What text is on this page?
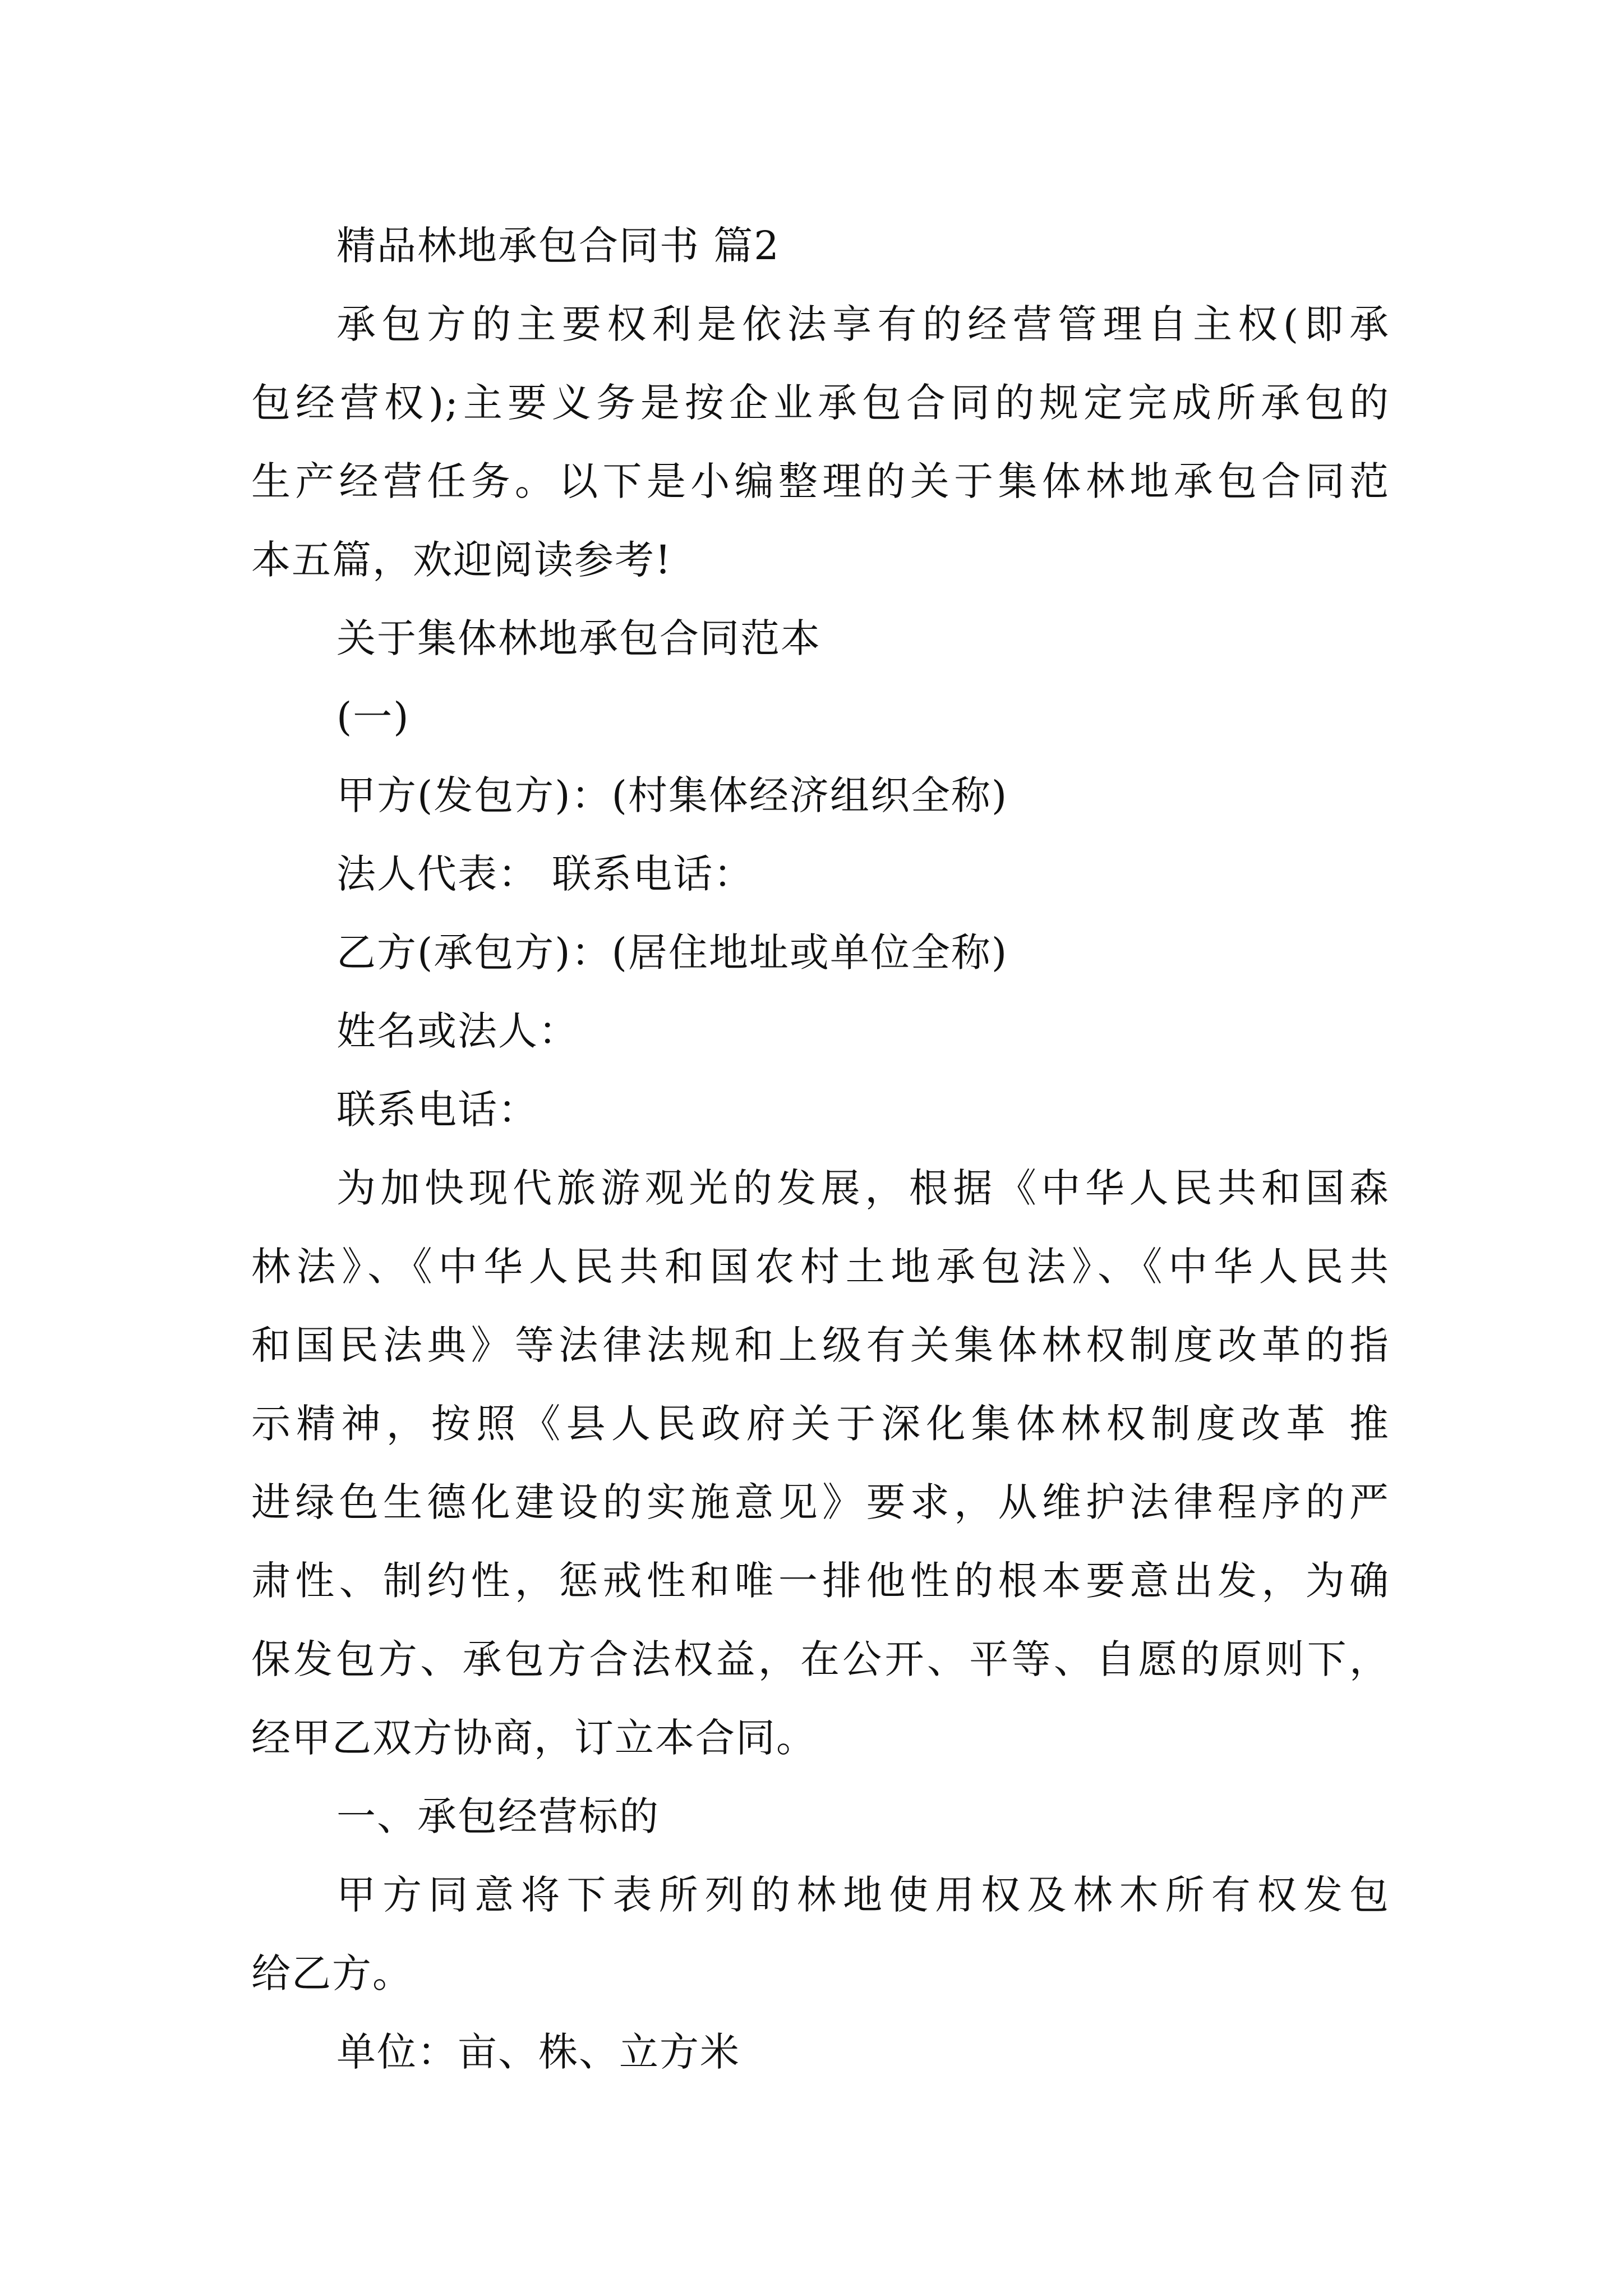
精品林地承包合同书 篇2
承包方的主要权利是依法享有的经营管理自主权(即承
包经营权);主要义务是按企业承包合同的规定完成所承包的
生产经营任务。以下是小编整理的关于集体林地承包合同范
本五篇，欢迎阅读参考!
关于集体林地承包合同范本
(一)
甲方(发包方)：(村集体经济组织全称)
法人代表： 联系电话：
乙方(承包方)：(居住地址或单位全称)
姓名或法人：
联系电话：
为加快现代旅游观光的发展，根据《中华人民共和国森
林法》、《中华人民共和国农村土地承包法》、《中华人民共
和国民法典》等法律法规和上级有关集体林权制度改革的指
示精神，按照《县人民政府关于深化集体林权制度改革 推
进绿色生德化建设的实施意见》要求，从维护法律程序的严
肃性、制约性，惩戒性和唯一排他性的根本要意出发，为确
保发包方、承包方合法权益，在公开、平等、自愿的原则下，
经甲乙双方协商，订立本合同。
一、承包经营标的
甲方同意将下表所列的林地使用权及林木所有权发包
给乙方。
单位：亩、株、立方米
